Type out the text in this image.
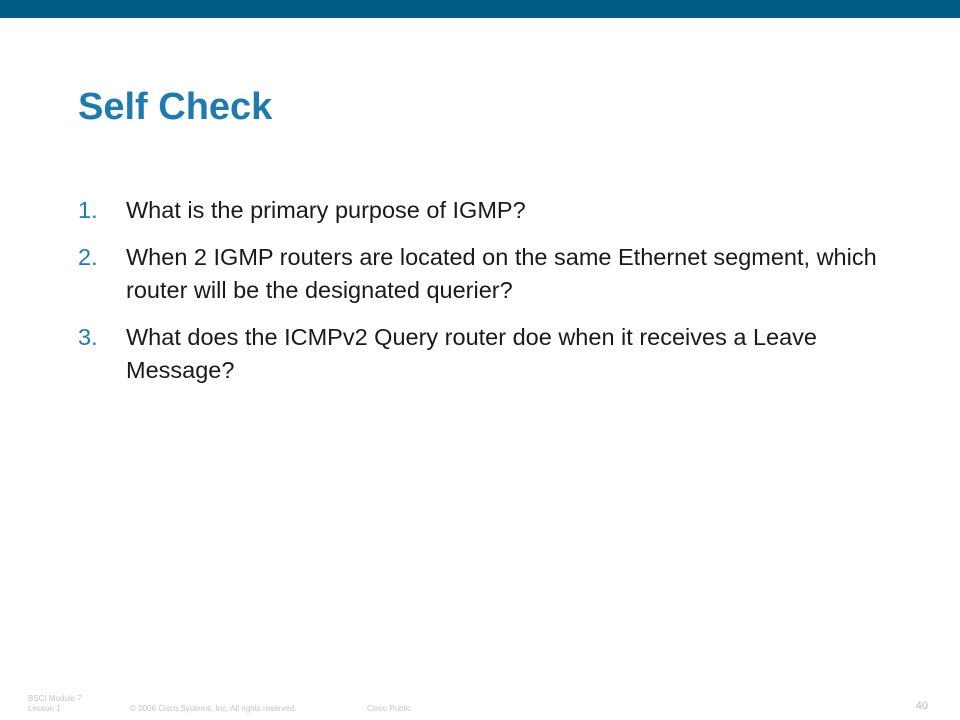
Self Check
1.	What is the primary purpose of IGMP?
2.	When 2 IGMP routers are located on the same Ethernet segment, which router will be the designated querier?
3.	What does the ICMPv2 Query router doe when it receives a Leave Message?
BSCI Module 7
Lesson 1	© 2006 Cisco Systems, Inc. All rights reserved.	Cisco Public	40
